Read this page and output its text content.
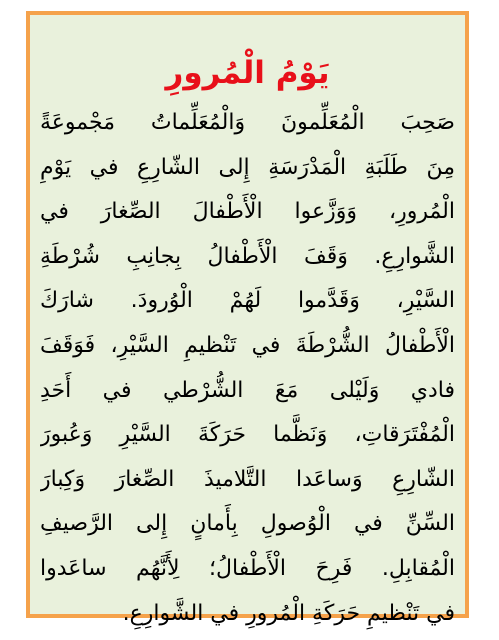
يَوْمُ الْمُرورِ
صَحِبَ الْمُعَلِّمونَ وَالْمُعَلِّماتُ مَجْموعَةً
مِنَ طَلَبَةِ الْمَدْرَسَةِ إِلى الشّارِعِ في يَوْمِ
الْمُرورِ، وَوَزَّعوا الْأَطْفالَ الصِّغارَ في
الشَّوارِعِ. وَقَفَ الْأَطْفالُ بِجانِبِ شُرْطَةِ
السَّيْرِ، وَقَدَّموا لَهُمْ الْوُرودَ. شارَكَ
الْأَطْفالُ الشُّرْطَةَ في تَنْظيمِ السَّيْرِ، فَوَقَفَ
فادي وَلَيْلى مَعَ الشُّرْطي في أَحَدِ
الْمُفْتَرَقاتِ، وَنَظَّما حَرَكَةَ السَّيْرِ وَعُبورَ
الشّارِعِ وَساعَدا التَّلاميذَ الصِّغارَ وَكِبارَ
السِّنِّ في الْوُصولِ بِأَمانٍ إِلى الرَّصيفِ
الْمُقابِلِ. فَرِحَ الْأَطْفالُ؛ لِأَنَّهُم ساعَدوا
في تَنْظيمِ حَرَكَةِ الْمُرورِ في الشَّوارِعِ.
